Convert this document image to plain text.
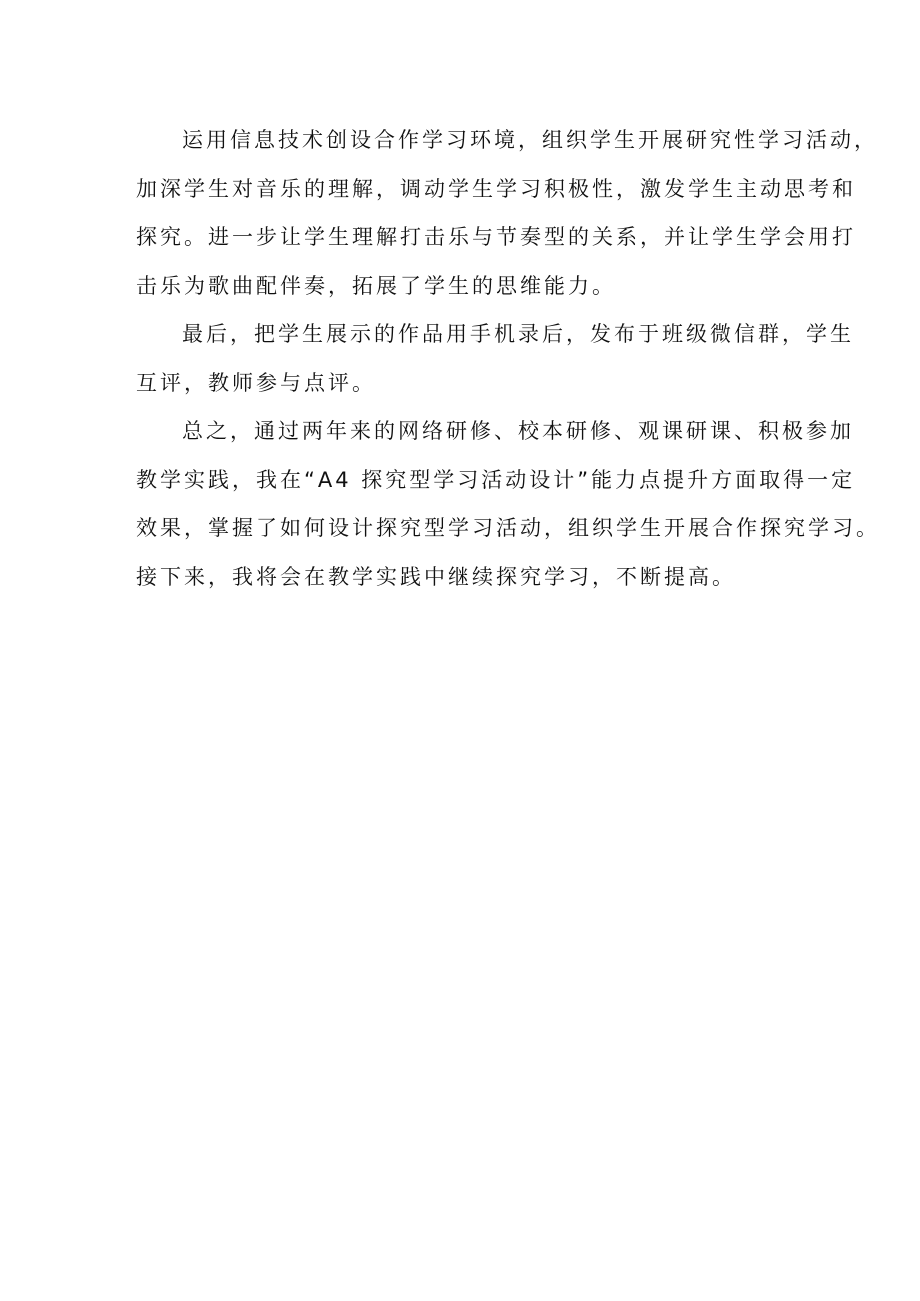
运用信息技术创设合作学习环境，组织学生开展研究性学习活动，
加深学生对音乐的理解，调动学生学习积极性，激发学生主动思考和
探究。进一步让学生理解打击乐与节奏型的关系，并让学生学会用打
击乐为歌曲配伴奏，拓展了学生的思维能力。
最后，把学生展示的作品用手机录后，发布于班级微信群，学生
互评，教师参与点评。
总之，通过两年来的网络研修、校本研修、观课研课、积极参加
教学实践，我在“A4 探究型学习活动设计”能力点提升方面取得一定
效果，掌握了如何设计探究型学习活动，组织学生开展合作探究学习。
接下来，我将会在教学实践中继续探究学习，不断提高。
